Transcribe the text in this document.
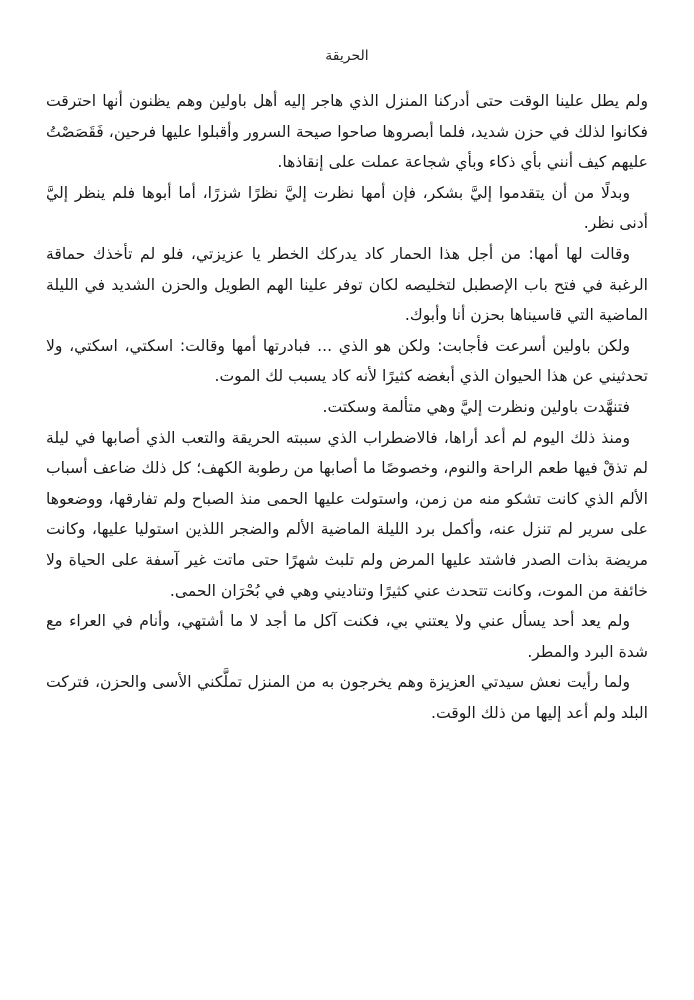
الحريقة

ولم يطل علينا الوقت حتى أدركنا المنزل الذي هاجر إليه أهل باولين وهم يظنون أنها احترقت فكانوا لذلك في حزن شديد، فلما أبصروها صاحوا صيحة السرور وأقبلوا عليها فرحين، فَقَصَصْتُ عليهم كيف أنني بأي ذكاء وبأي شجاعة عملت على إنقاذها.

وبدلًا من أن يتقدموا إليَّ بشكر، فإن أمها نظرت إليَّ نظرًا شزرًا، أما أبوها فلم ينظر إليَّ أدنى نظر.

وقالت لها أمها: من أجل هذا الحمار كاد يدركك الخطر يا عزيزتي، فلو لم تأخذك حماقة الرغبة في فتح باب الإصطبل لتخليصه لكان توفر علينا الهم الطويل والحزن الشديد في الليلة الماضية التي قاسيناها بحزن أنا وأبوك.

ولكن باولين أسرعت فأجابت: ولكن هو الذي ... فبادرتها أمها وقالت: اسكتي، اسكتي، ولا تحدثيني عن هذا الحيوان الذي أبغضه كثيرًا لأنه كاد يسبب لك الموت.

فتنهَّدت باولين ونظرت إليَّ وهي متألمة وسكتت.

ومنذ ذلك اليوم لم أعد أراها، فالاضطراب الذي سببته الحريقة والتعب الذي أصابها في ليلة لم تذقْ فيها طعم الراحة والنوم، وخصوصًا ما أصابها من رطوبة الكهف؛ كل ذلك ضاعف أسباب الألم الذي كانت تشكو منه من زمن، واستولت عليها الحمى منذ الصباح ولم تفارقها، ووضعوها على سرير لم تنزل عنه، وأكمل برد الليلة الماضية الألم والضجر اللذين استوليا عليها، وكانت مريضة بذات الصدر فاشتد عليها المرض ولم تلبث شهرًا حتى ماتت غير آسفة على الحياة ولا خائفة من الموت، وكانت تتحدث عني كثيرًا وتناديني وهي في بُحْرَان الحمى.

ولم يعد أحد يسأل عني ولا يعتني بي، فكنت آكل ما أجد لا ما أشتهي، وأنام في العراء مع شدة البرد والمطر.

ولما رأيت نعش سيدتي العزيزة وهم يخرجون به من المنزل تملَّكني الأسى والحزن، فتركت البلد ولم أعد إليها من ذلك الوقت.
